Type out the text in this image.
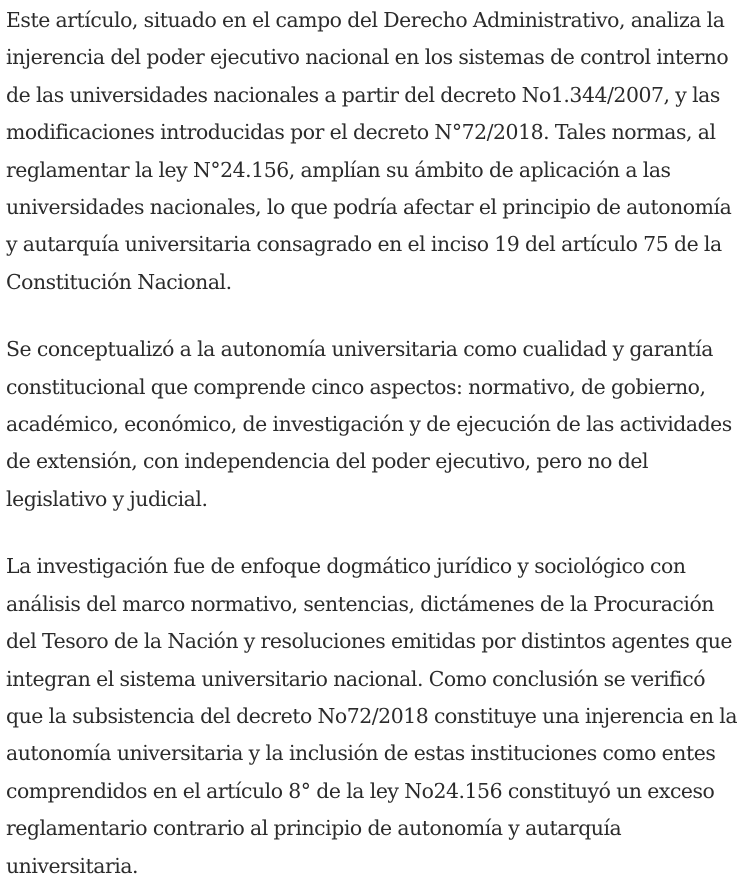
Este artículo, situado en el campo del Derecho Administrativo, analiza la injerencia del poder ejecutivo nacional en los sistemas de control interno de las universidades nacionales a partir del decreto No1.344/2007, y las modificaciones introducidas por el decreto N°72/2018. Tales normas, al reglamentar la ley N°24.156, amplían su ámbito de aplicación a las universidades nacionales, lo que podría afectar el principio de autonomía y autarquía universitaria consagrado en el inciso 19 del artículo 75 de la Constitución Nacional.

Se conceptualizó a la autonomía universitaria como cualidad y garantía constitucional que comprende cinco aspectos: normativo, de gobierno, académico, económico, de investigación y de ejecución de las actividades de extensión, con independencia del poder ejecutivo, pero no del legislativo y judicial.

La investigación fue de enfoque dogmático jurídico y sociológico con análisis del marco normativo, sentencias, dictámenes de la Procuración del Tesoro de la Nación y resoluciones emitidas por distintos agentes que integran el sistema universitario nacional. Como conclusión se verificó que la subsistencia del decreto No72/2018 constituye una injerencia en la autonomía universitaria y la inclusión de estas instituciones como entes comprendidos en el artículo 8° de la ley No24.156 constituyó un exceso reglamentario contrario al principio de autonomía y autarquía universitaria.
